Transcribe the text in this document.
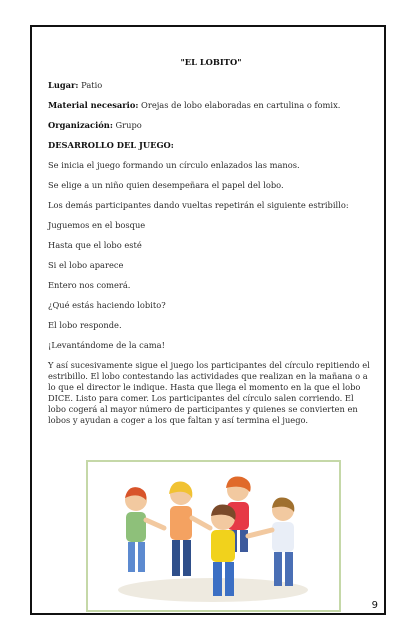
"EL LOBITO"
Lugar: Patio
Material necesario: Orejas de lobo elaboradas en cartulina o fomix.
Organización: Grupo
DESARROLLO DEL JUEGO:
Se inicia el juego formando un círculo enlazados las manos.
Se elige a un niño quien desempeñara el papel del lobo.
Los demás participantes dando vueltas repetirán el siguiente estribillo:
Juguemos en el bosque
Hasta que el lobo esté
Si el lobo aparece
Entero nos comerá.
¿Qué estás haciendo lobito?
El lobo responde.
¡Levantándome de la cama!
Y así sucesivamente sigue el juego los participantes del círculo repitiendo el estribillo. El lobo contestando las actividades que realizan en la mañana o a lo que el director le indique. Hasta que llega el momento en la que el lobo DICE. Listo para comer. Los participantes del círculo salen corriendo. El lobo cogerá al mayor número de participantes y quienes se convierten en lobos y ayudan a coger a los que faltan y así termina el juego.
9
